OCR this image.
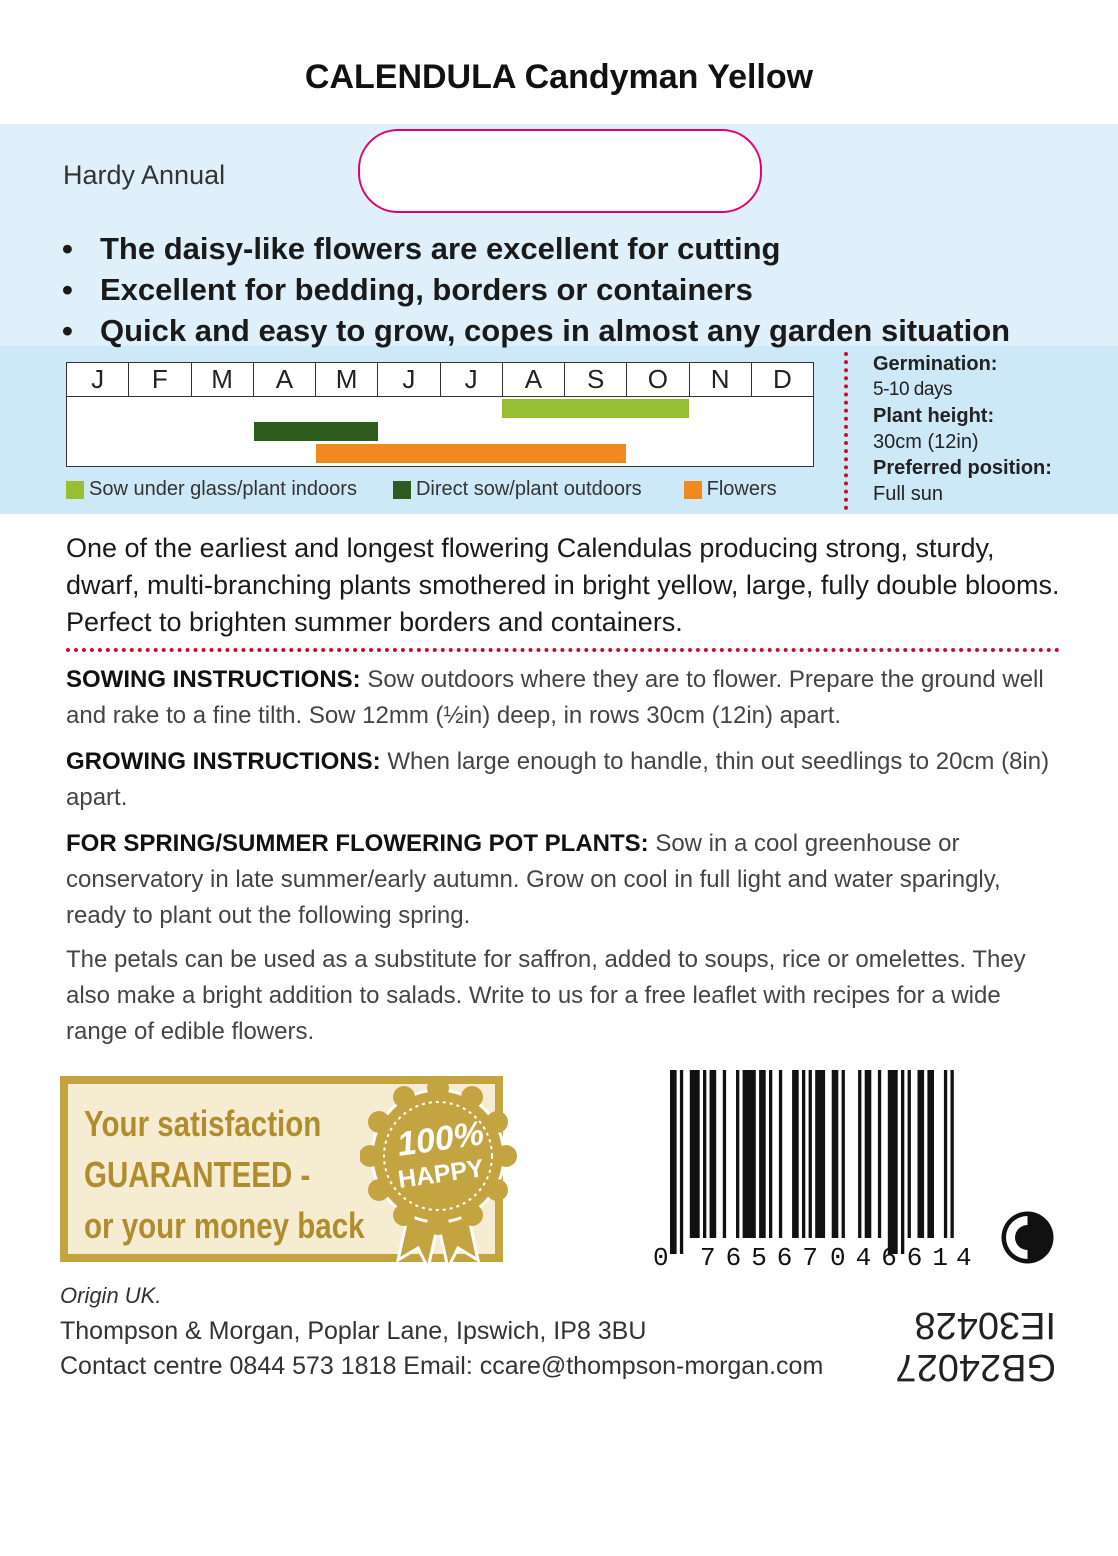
CALENDULA Candyman Yellow
Hardy Annual
• The daisy-like flowers are excellent for cutting
• Excellent for bedding, borders or containers
• Quick and easy to grow, copes in almost any garden situation
J	F	M	A	M	J	J	A	S	O	N	D
Sow under glass/plant indoors	Direct sow/plant outdoors	Flowers
Germination:
5-10 days
Plant height:
30cm (12in)
Preferred position:
Full sun
One of the earliest and longest flowering Calendulas producing strong, sturdy, dwarf, multi-branching plants smothered in bright yellow, large, fully double blooms. Perfect to brighten summer borders and containers.
SOWING INSTRUCTIONS: Sow outdoors where they are to flower. Prepare the ground well and rake to a fine tilth. Sow 12mm (½in) deep, in rows 30cm (12in) apart.
GROWING INSTRUCTIONS: When large enough to handle, thin out seedlings to 20cm (8in) apart.
FOR SPRING/SUMMER FLOWERING POT PLANTS: Sow in a cool greenhouse or conservatory in late summer/early autumn. Grow on cool in full light and water sparingly, ready to plant out the following spring.
The petals can be used as a substitute for saffron, added to soups, rice or omelettes. They also make a bright addition to salads. Write to us for a free leaflet with recipes for a wide range of edible flowers.
Your satisfaction
GUARANTEED -
or your money back
100%
HAPPY
0 76567 04661 4
Origin UK.
Thompson & Morgan, Poplar Lane, Ipswich, IP8 3BU
Contact centre 0844 573 1818 Email: ccare@thompson-morgan.com GB24027
IE30428
